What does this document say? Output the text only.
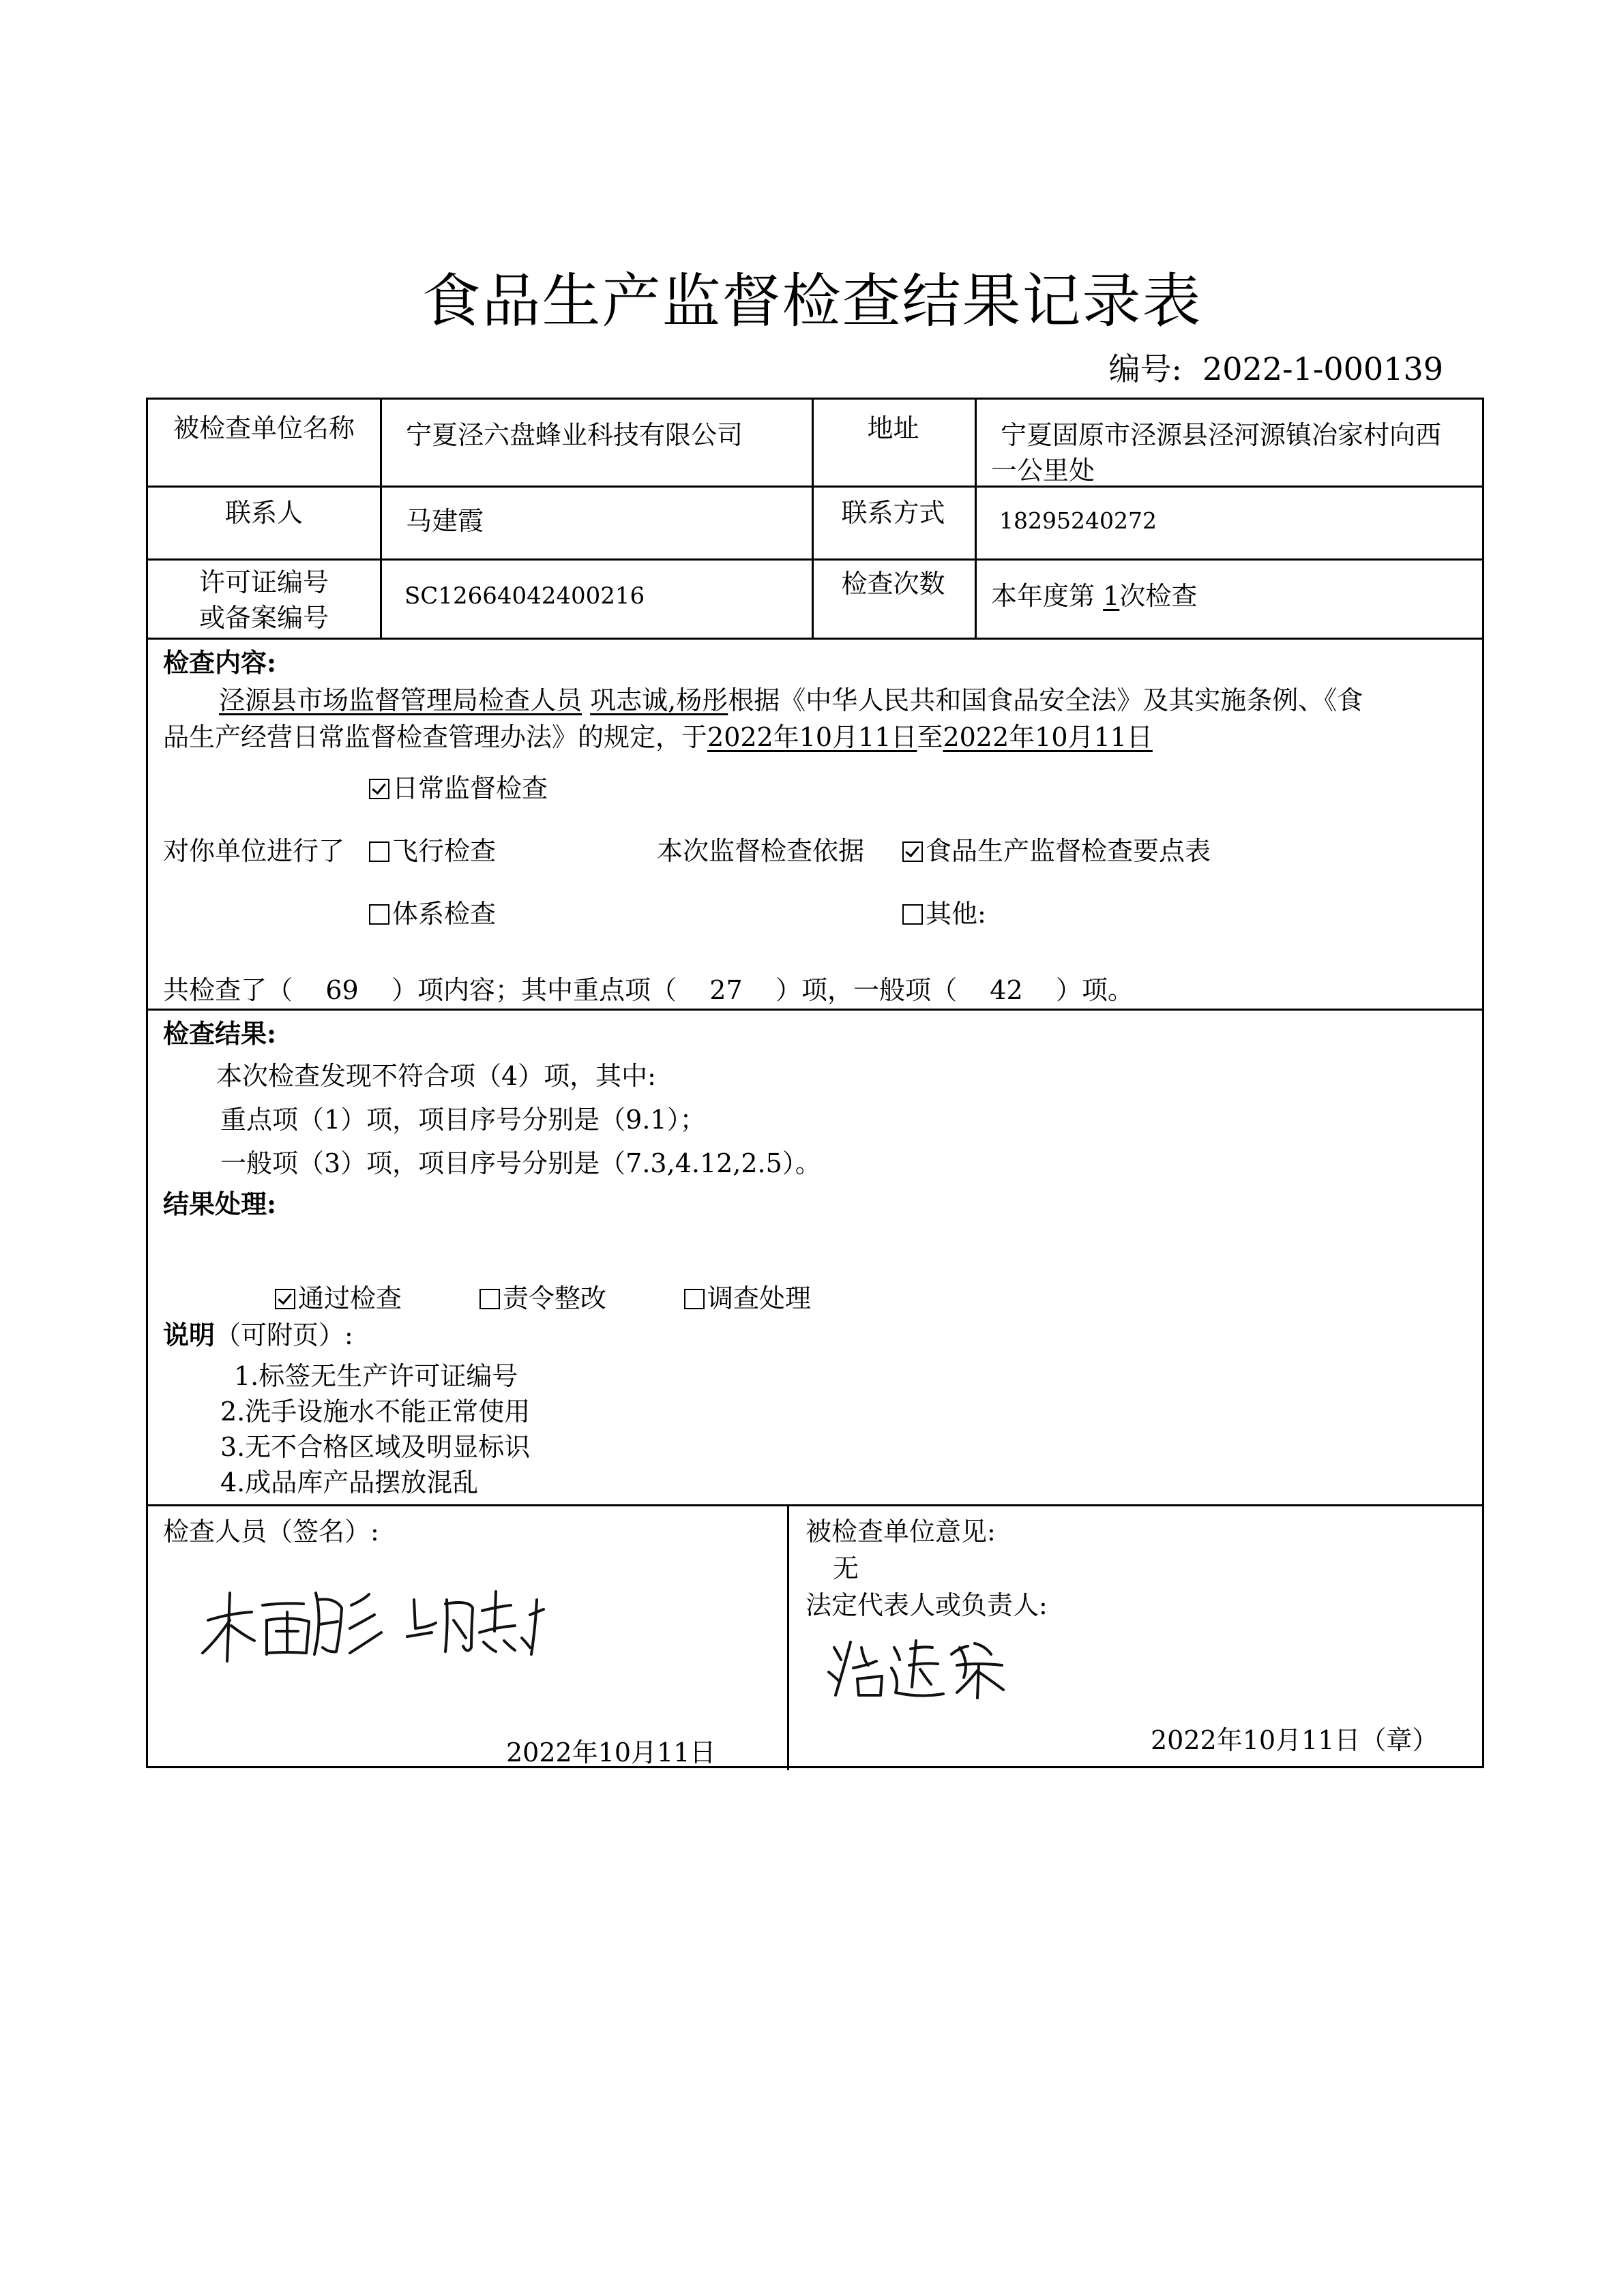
食品生产监督检查结果记录表
编号: 2022-1-000139
被检查单位名称	宁夏泾六盘蜂业科技有限公司	地址	宁夏固原市泾源县泾河源镇冶家村向西
一公里处
联系人	马建霞	联系方式	18295240272
许可证编号
或备案编号
SC12664042400216	检查次数	本年度第 1次检查
检查内容:
泾源县市场监督管理局检查人员 巩志诚,杨彤根据《中华人民共和国食品安全法》及其实施条例、《食
品生产经营日常监督检查管理办法》的规定，于2022年10月11日至2022年10月11日
日常监督检查
对你单位进行了	飞行检查
体系检查
本次监督检查依据	食品生产监督检查要点表
其他:
共检查了（    69    ）项内容；其中重点项（    27    ）项，一般项（    42    ）项。
检查结果:
本次检查发现不符合项（4）项，其中:
重点项（1）项，项目序号分别是（9.1）；
一般项（3）项，项目序号分别是（7.3,4.12,2.5）。
结果处理:
通过检查	责令整改	调查处理
说明（可附页）:
1.标签无生产许可证编号
2.洗手设施水不能正常使用
3.无不合格区域及明显标识
4.成品库产品摆放混乱
检查人员（签名）:
2022年10月11日
被检查单位意见:
无
法定代表人或负责人:
2022年10月11日（章）
